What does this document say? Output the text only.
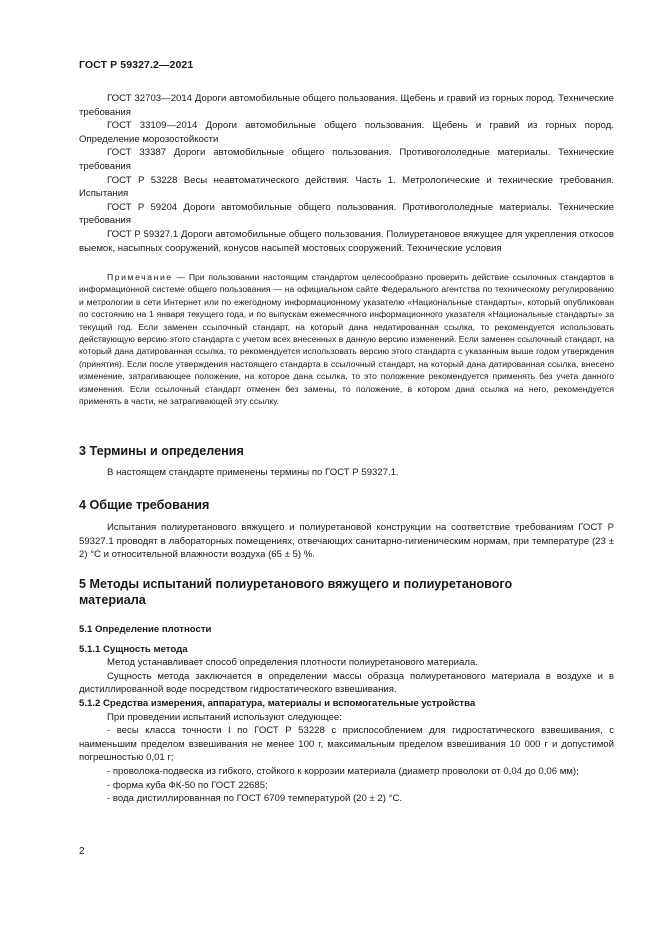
ГОСТ Р 59327.2—2021

ГОСТ 32703—2014 Дороги автомобильные общего пользования. Щебень и гравий из горных пород. Технические требования

ГОСТ 33109—2014 Дороги автомобильные общего пользования. Щебень и гравий из горных пород. Определение морозостойкости

ГОСТ 33387 Дороги автомобильные общего пользования. Противогололедные материалы. Технические требования

ГОСТ Р 53228 Весы неавтоматического действия. Часть 1. Метрологические и технические требования. Испытания

ГОСТ Р 59204 Дороги автомобильные общего пользования. Противогололедные материалы. Технические требования

ГОСТ Р 59327.1 Дороги автомобильные общего пользования. Полиуретановое вяжущее для укрепления откосов выемок, насыпных сооружений, конусов насыпей мостовых сооружений. Технические условия

Примечание — При пользовании настоящим стандартом целесообразно проверить действие ссылочных стандартов в информационной системе общего пользования — на официальном сайте Федерального агентства по техническому регулированию и метрологии в сети Интернет или по ежегодному информационному указателю «Национальные стандарты», который опубликован по состоянию на 1 января текущего года, и по выпускам ежемесячного информационного указателя «Национальные стандарты» за текущий год. Если заменен ссылочный стандарт, на который дана недатированная ссылка, то рекомендуется использовать действующую версию этого стандарта с учетом всех внесенных в данную версию изменений. Если заменен ссылочный стандарт, на который дана датированная ссылка, то рекомендуется использовать версию этого стандарта с указанным выше годом утверждения (принятия). Если после утверждения настоящего стандарта в ссылочный стандарт, на который дана датированная ссылка, внесено изменение, затрагивающее положение, на которое дана ссылка, то это положение рекомендуется применять без учета данного изменения. Если ссылочный стандарт отменен без замены, то положение, в котором дана ссылка на него, рекомендуется применять в части, не затрагивающей эту ссылку.

3 Термины и определения

В настоящем стандарте применены термины по ГОСТ Р 59327.1.

4 Общие требования

Испытания полиуретанового вяжущего и полиуретановой конструкции на соответствие требованиям ГОСТ Р 59327.1 проводят в лабораторных помещениях, отвечающих санитарно-гигиеническим нормам, при температуре (23 ± 2) °С и относительной влажности воздуха (65 ± 5) %.

5 Методы испытаний полиуретанового вяжущего и полиуретанового материала
5.1 Определение плотности
5.1.1 Сущность метода

Метод устанавливает способ определения плотности полиуретанового материала.

Сущность метода заключается в определении массы образца полиуретанового материала в воздухе и в дистиллированной воде посредством гидростатического взвешивания.

5.1.2 Средства измерения, аппаратура, материалы и вспомогательные устройства

При проведении испытаний используют следующее:

- весы класса точности I по ГОСТ Р 53228 с приспособлением для гидростатического взвешивания, с наименьшим пределом взвешивания не менее 100 г, максимальным пределом взвешивания 10 000 г и допустимой погрешностью 0,01 г;

- проволока-подвеска из гибкого, стойкого к коррозии материала (диаметр проволоки от 0,04 до 0,06 мм);

- форма куба ФК-50 по ГОСТ 22685;

- вода дистиллированная по ГОСТ 6709 температурой (20 ± 2) °С.

2
